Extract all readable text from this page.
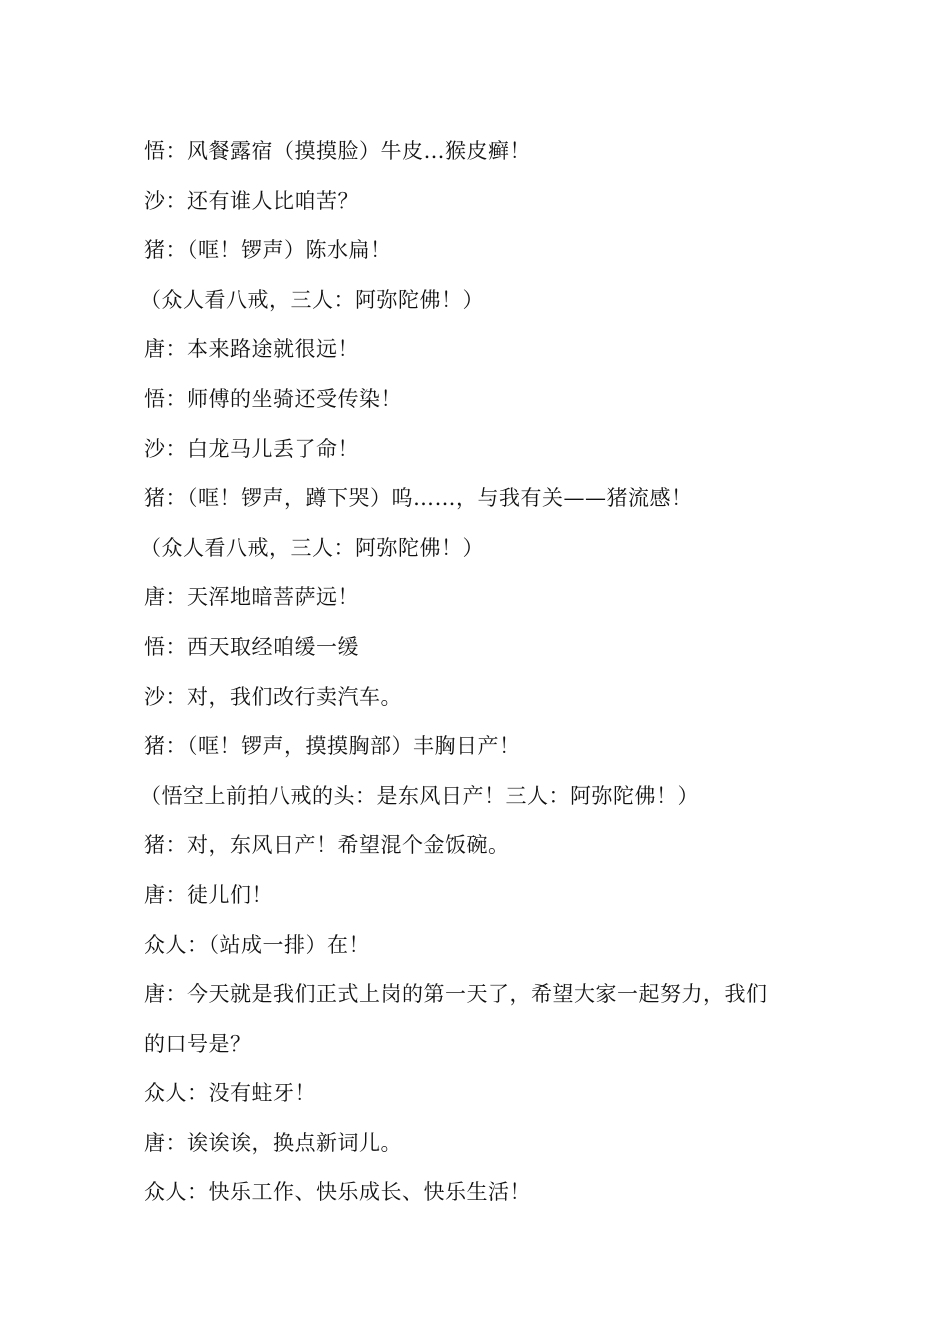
悟：风餐露宿（摸摸脸）牛皮…猴皮癣！
沙：还有谁人比咱苦？
猪：（哐！锣声）陈水扁！
（众人看八戒，三人：阿弥陀佛！）
唐：本来路途就很远！
悟：师傅的坐骑还受传染！
沙：白龙马儿丢了命！
猪：（哐！锣声，蹲下哭）呜……，与我有关——猪流感！
（众人看八戒，三人：阿弥陀佛！）
唐：天浑地暗菩萨远！
悟：西天取经咱缓一缓
沙：对，我们改行卖汽车。
猪：（哐！锣声，摸摸胸部）丰胸日产！
（悟空上前拍八戒的头：是东风日产！三人：阿弥陀佛！）
猪：对，东风日产！希望混个金饭碗。
唐：徒儿们！
众人：（站成一排）在！
唐：今天就是我们正式上岗的第一天了，希望大家一起努力，我们
的口号是？
众人：没有蛀牙！
唐：诶诶诶，换点新词儿。
众人：快乐工作、快乐成长、快乐生活！
